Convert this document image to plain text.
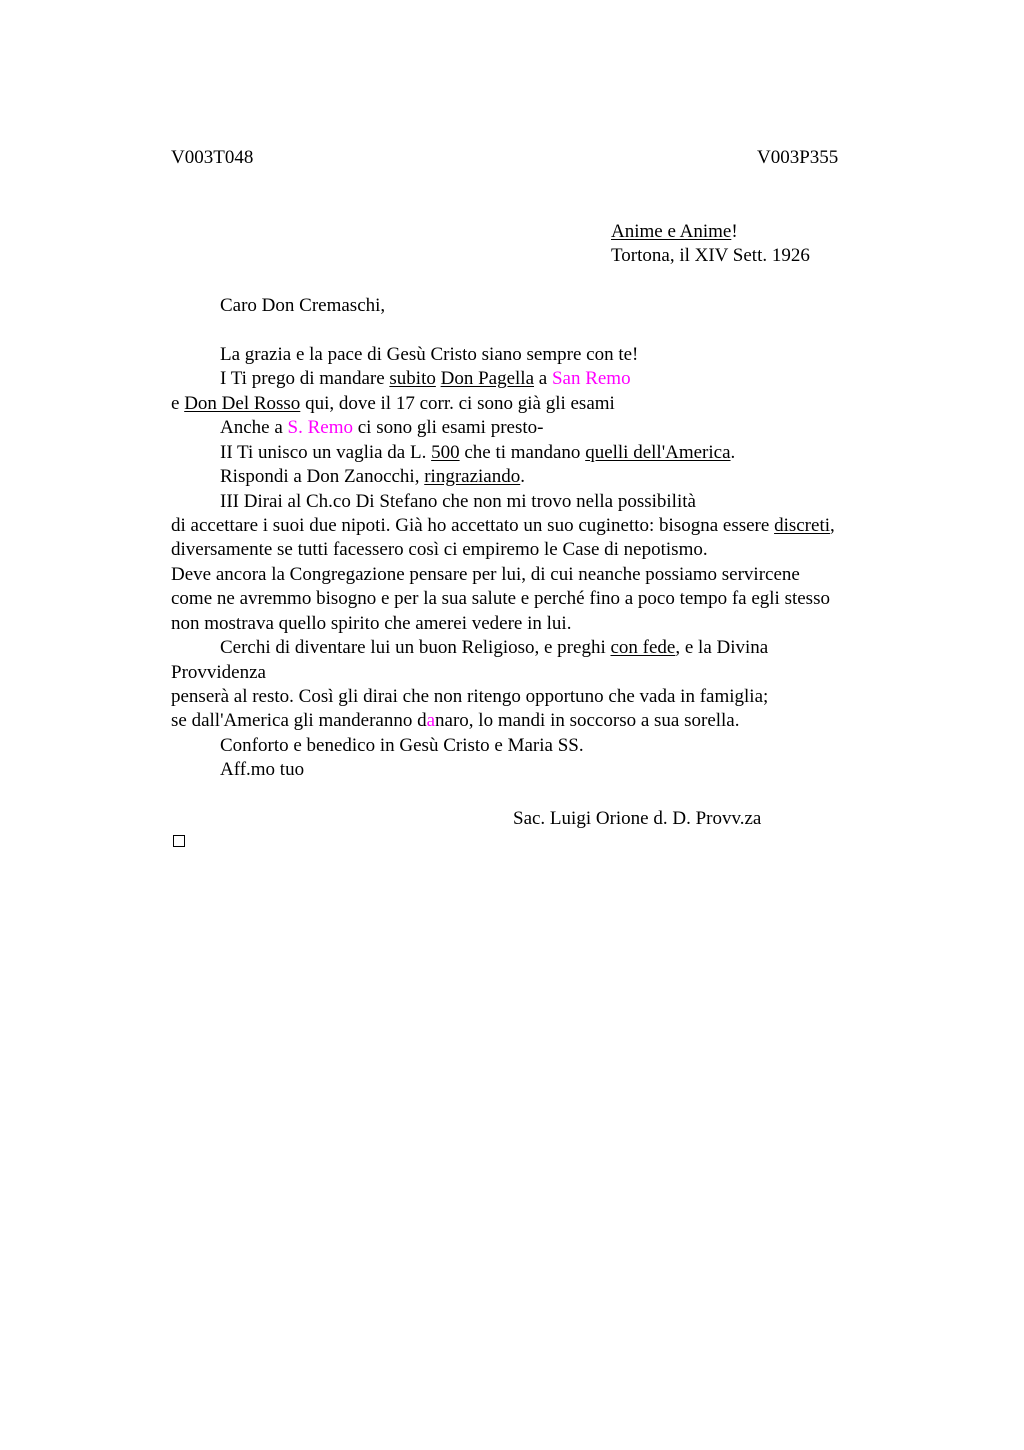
V003T048	V003P355
Anime e Anime!
Tortona, il XIV Sett. 1926
Caro Don Cremaschi,
La grazia e la pace di Gesù Cristo siano sempre con te!
I Ti prego di mandare subito Don Pagella a San Remo
e Don Del Rosso qui, dove il 17 corr. ci sono già gli esami
Anche a S. Remo ci sono gli esami presto-
II Ti unisco un vaglia da L. 500 che ti mandano quelli dell'America.
Rispondi a Don Zanocchi, ringraziando.
III Dirai al Ch.co Di Stefano che non mi trovo nella possibilità
di accettare i suoi due nipoti. Già ho accettato un suo cuginetto: bisogna essere discreti,
diversamente se tutti facessero così ci empiremo le Case di nepotismo.
Deve ancora la Congregazione pensare per lui, di cui neanche possiamo servircene
come ne avremmo bisogno e per la sua salute e perché fino a poco tempo fa egli stesso
non mostrava quello spirito che amerei vedere in lui.
Cerchi di diventare lui un buon Religioso, e preghi con fede, e la Divina
Provvidenza
penserà al resto. Così gli dirai che non ritengo opportuno che vada in famiglia;
se dall'America gli manderanno danaro, lo mandi in soccorso a sua sorella.
Conforto e benedico in Gesù Cristo e Maria SS.
Aff.mo tuo
Sac. Luigi Orione d. D. Provv.za
